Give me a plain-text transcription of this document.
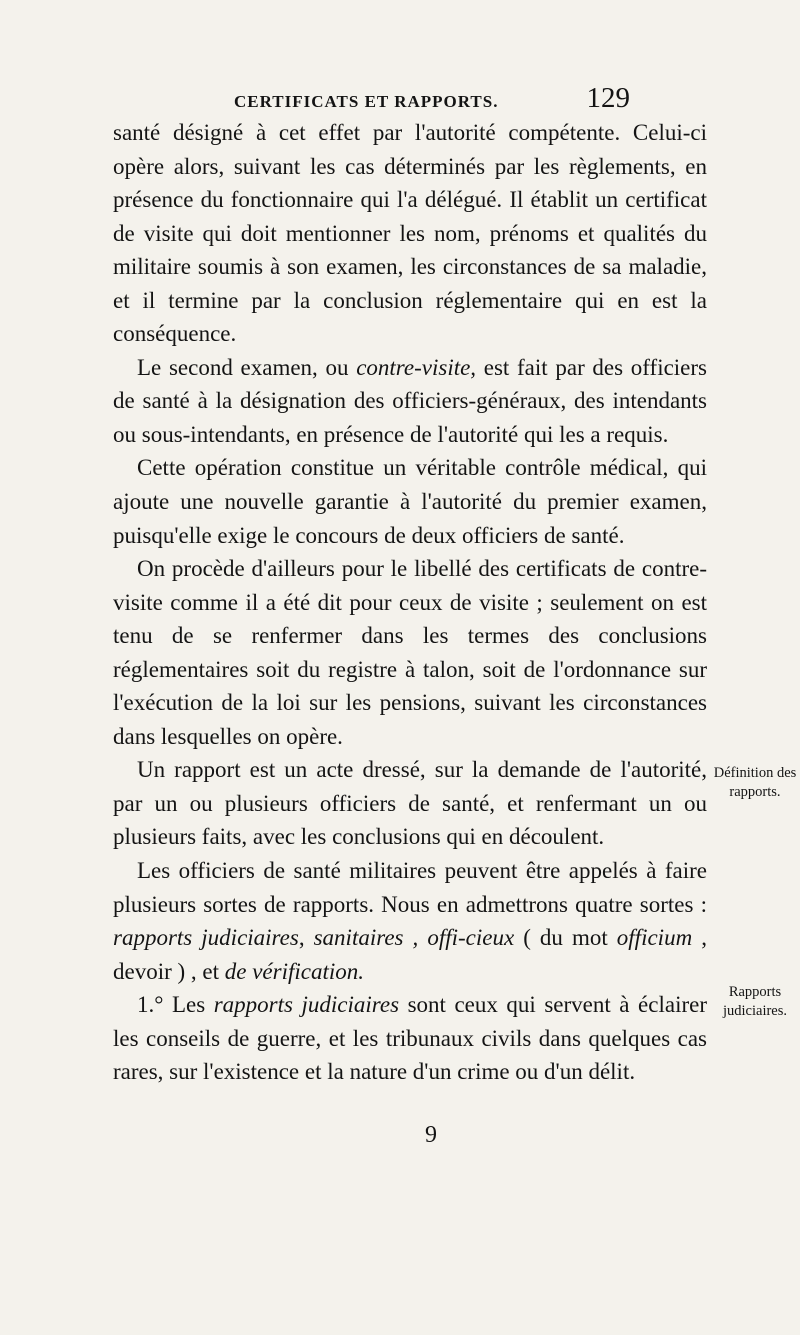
CERTIFICATS ET RAPPORTS.	129

santé désigné à cet effet par l'autorité compétente. Celui-ci opère alors, suivant les cas déterminés par les règlements, en présence du fonctionnaire qui l'a délégué. Il établit un certificat de visite qui doit mentionner les nom, prénoms et qualités du militaire soumis à son examen, les circonstances de sa maladie, et il termine par la conclusion réglementaire qui en est la conséquence.

Le second examen, ou contre-visite, est fait par des officiers de santé à la désignation des officiers-généraux, des intendants ou sous-intendants, en présence de l'autorité qui les a requis.

Cette opération constitue un véritable contrôle médical, qui ajoute une nouvelle garantie à l'autorité du premier examen, puisqu'elle exige le concours de deux officiers de santé.

On procède d'ailleurs pour le libellé des certificats de contre-visite comme il a été dit pour ceux de visite ; seulement on est tenu de se renfermer dans les termes des conclusions réglementaires soit du registre à talon, soit de l'ordonnance sur l'exécution de la loi sur les pensions, suivant les circonstances dans lesquelles on opère.

Un rapport est un acte dressé, sur la demande de l'autorité, par un ou plusieurs officiers de santé, et renfermant un ou plusieurs faits, avec les conclusions qui en découlent.

Les officiers de santé militaires peuvent être appelés à faire plusieurs sortes de rapports. Nous en admettrons quatre sortes : rapports judiciaires, sanitaires , offi-cieux ( du mot officium , devoir ) , et de vérification.

1.° Les rapports judiciaires sont ceux qui servent à éclairer les conseils de guerre, et les tribunaux civils dans quelques cas rares, sur l'existence et la nature d'un crime ou d'un délit.

Définition des rapports.
Rapports judiciaires.
9
